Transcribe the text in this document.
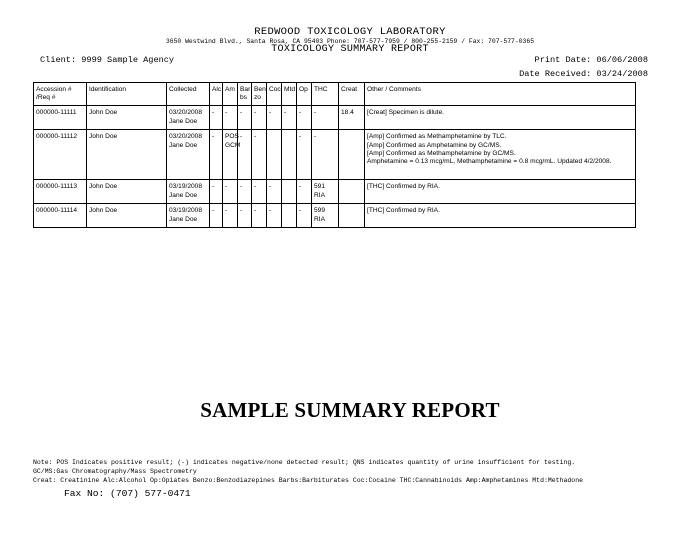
REDWOOD TOXICOLOGY LABORATORY
3650 Westwind Blvd., Santa Rosa, CA 95403 Phone: 707-577-7959 / 800-255-2159 / Fax: 707-577-0365
TOXICOLOGY SUMMARY REPORT
Client: 9999 Sample Agency	Print Date: 06/06/2008
Date Received: 03/24/2008
Accession # /Req #	Identification	Collected	Alc	Am	Bar bs	Ben zo	Coc	Mtd	Op	THC	Creat	Other / Comments
000000-11111	John Doe	03/20/2008
Jane Doe	-	-	-	-	-	-	-	-	18.4	[Creat] Specimen is dilute.

000000-11112	John Doe	03/20/2008
Jane Doe	-	POS GCM	-	-			-	-		[Amp] Confirmed as Methamphetamine by TLC.
[Amp] Confirmed as Amphetamine by GC/MS.
[Amp] Confirmed as Methamphetamine by GC/MS.
Amphetamine = 0.13 mcg/mL, Methamphetamine = 0.8 mcg/mL. Updated 4/2/2008.

000000-11113	John Doe	03/19/2008
Jane Doe	-	-	-	-	-		-	591 RIA		[THC] Confirmed by RIA.

000000-11114	John Doe	03/19/2008
Jane Doe	-	-	-	-	-		-	599 RIA		[THC] Confirmed by RIA.
SAMPLE SUMMARY REPORT
Note: POS Indicates positive result; (-) indicates negative/none detected result; QNS indicates quantity of urine insufficient for testing.
GC/MS:Gas Chromatography/Mass Spectrometry
Creat: Creatinine Alc:Alcohol Op:Opiates Benzo:Benzodiazepines Barbs:Barbiturates Coc:Cocaine THC:Cannabinoids Amp:Amphetamines Mtd:Methadone
Fax No: (707) 577-0471
